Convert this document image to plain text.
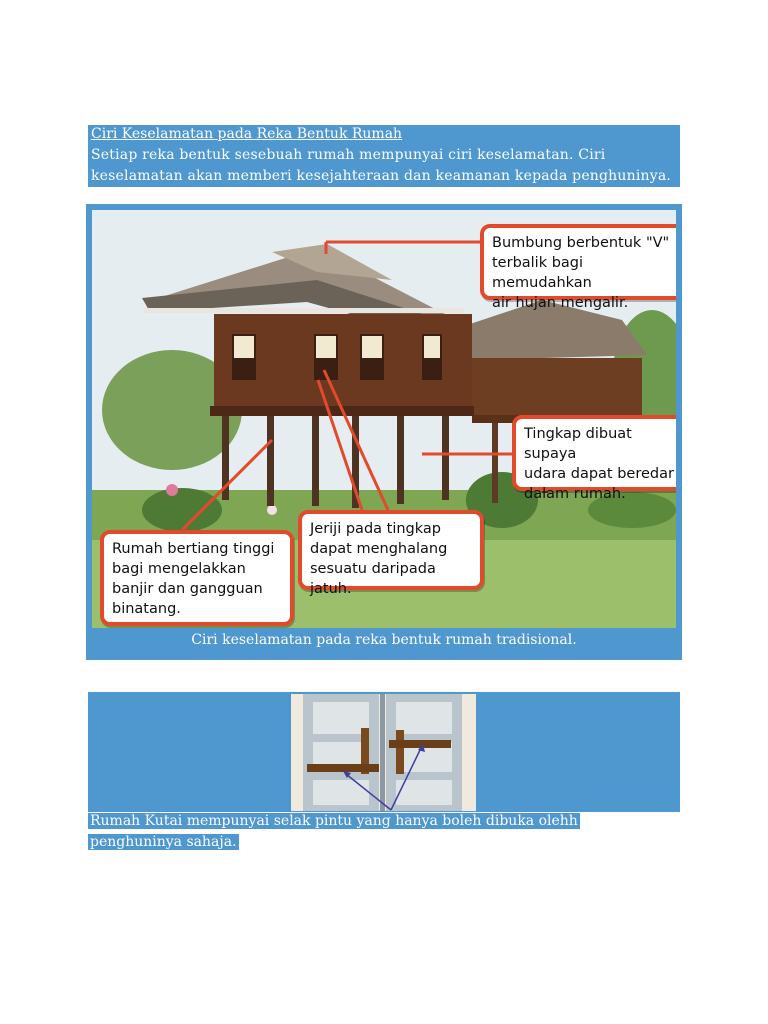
Ciri Keselamatan pada Reka Bentuk Rumah
Setiap reka bentuk sesebuah rumah mempunyai ciri keselamatan. Ciri keselamatan akan memberi kesejahteraan dan keamanan kepada penghuninya.
Bumbung berbentuk "V"
terbalik bagi memudahkan
air hujan mengalir.
Tingkap dibuat supaya
udara dapat beredar
dalam rumah.
Rumah bertiang tinggi
bagi mengelakkan
banjir dan gangguan
binatang.
Jeriji pada tingkap
dapat menghalang
sesuatu daripada jatuh.
Ciri keselamatan pada reka bentuk rumah tradisional.
Rumah Kutai mempunyai selak pintu yang hanya boleh dibuka olehh penghuninya sahaja.
